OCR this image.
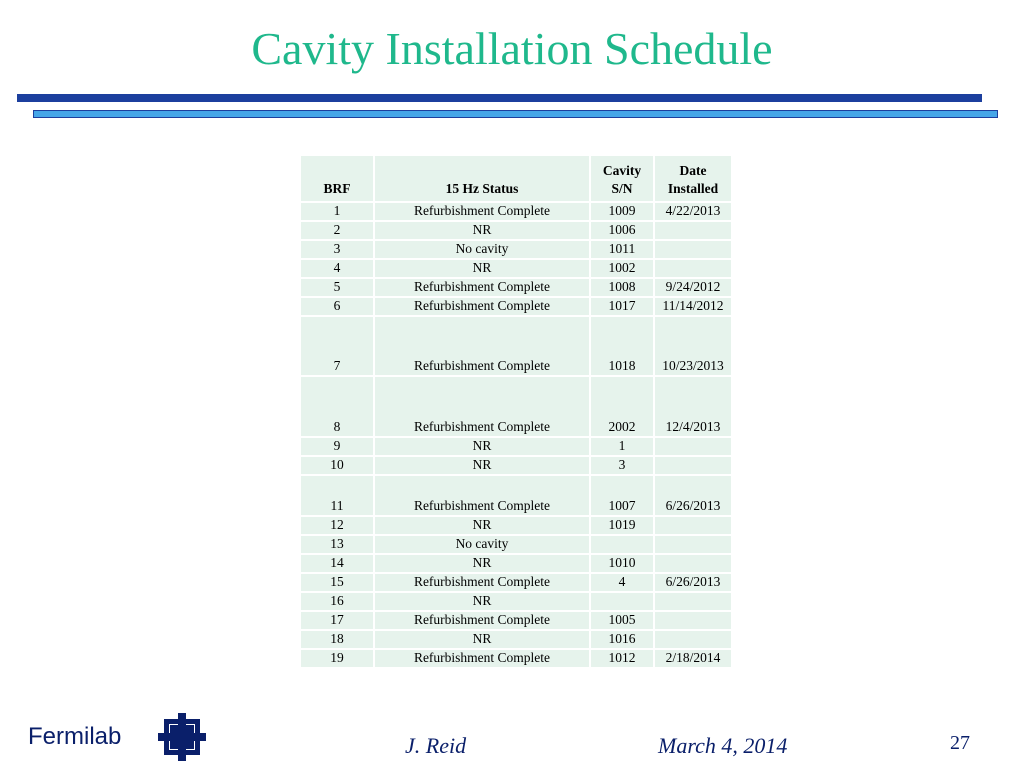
Cavity Installation Schedule
BRF	15 Hz Status	Cavity S/N	Date Installed
1	Refurbishment Complete	1009	4/22/2013
2	NR	1006	
3	No cavity	1011	
4	NR	1002	
5	Refurbishment Complete	1008	9/24/2012
6	Refurbishment Complete	1017	11/14/2012
7	Refurbishment Complete	1018	10/23/2013
8	Refurbishment Complete	2002	12/4/2013
9	NR	1	
10	NR	3	
11	Refurbishment Complete	1007	6/26/2013
12	NR	1019	
13	No cavity		
14	NR	1010	
15	Refurbishment Complete	4	6/26/2013
16	NR		
17	Refurbishment Complete	1005	
18	NR	1016	
19	Refurbishment Complete	1012	2/18/2014
Fermilab	J. Reid	March 4, 2014	27
